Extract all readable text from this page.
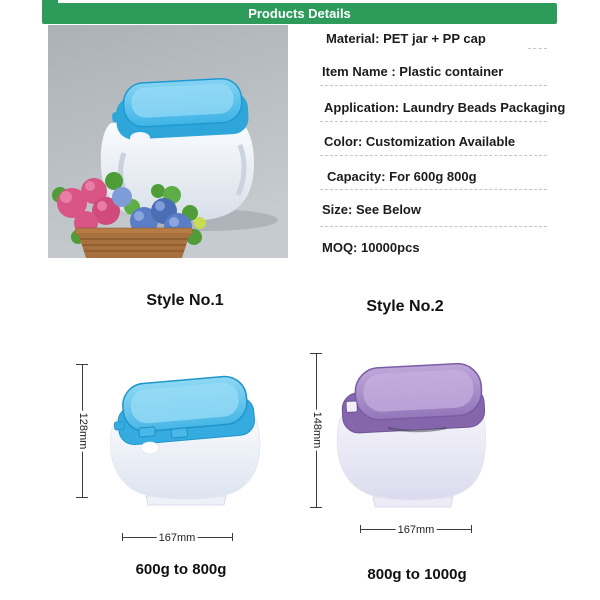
Products Details
Material: PET jar + PP cap
Item Name : Plastic container
Application: Laundry Beads Packaging
Color: Customization Available
Capacity: For 600g 800g
Size: See Below
MOQ: 10000pcs
Style No.1	Style No.2
128mm
167mm
148mm
167mm
600g to 800g	800g to 1000g
